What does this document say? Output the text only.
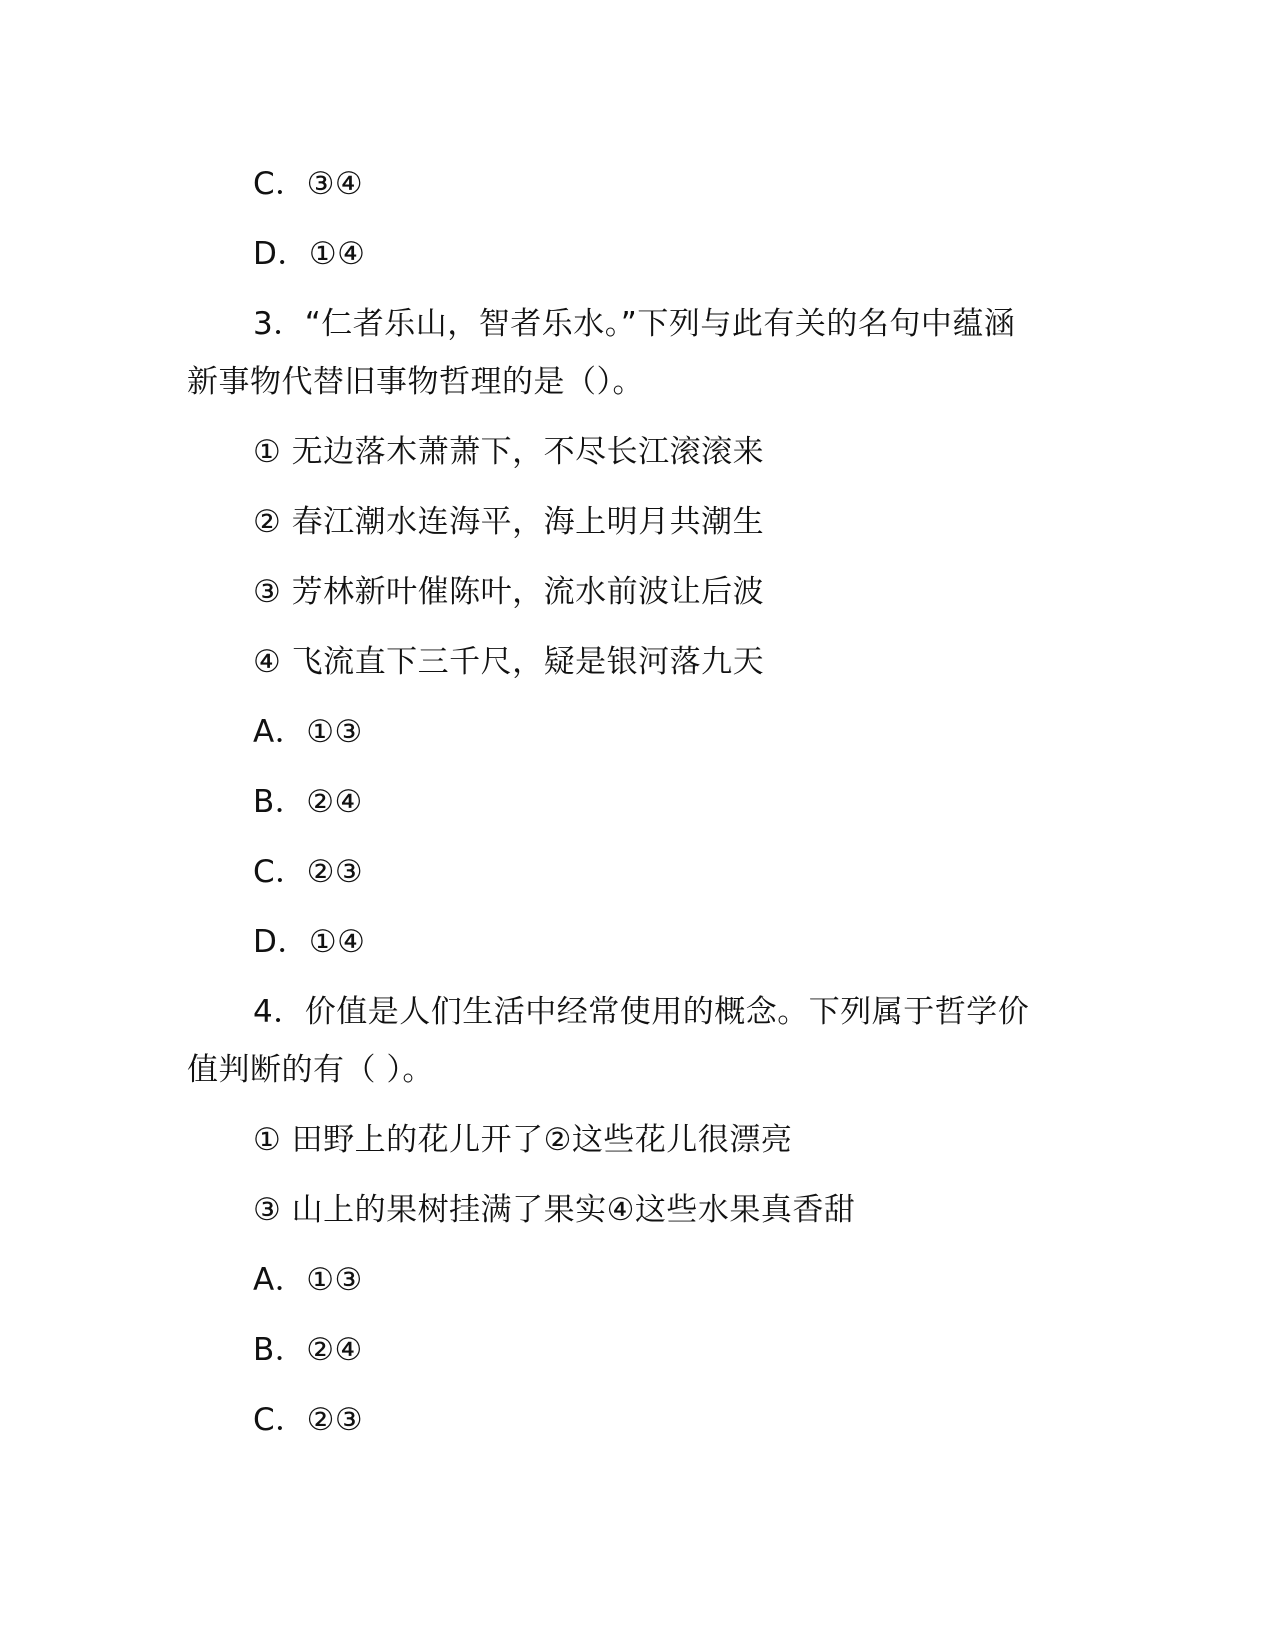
C．③④
D．①④
3．“仁者乐山，智者乐水。”下列与此有关的名句中蕴涵
新事物代替旧事物哲理的是（）。
① 无边落木萧萧下，不尽长江滚滚来
② 春江潮水连海平，海上明月共潮生
③ 芳林新叶催陈叶，流水前波让后波
④ 飞流直下三千尺，疑是银河落九天
A．①③
B．②④
C．②③
D．①④
4．价值是人们生活中经常使用的概念。下列属于哲学价
值判断的有（ ）。
① 田野上的花儿开了②这些花儿很漂亮
③ 山上的果树挂满了果实④这些水果真香甜
A．①③
B．②④
C．②③
